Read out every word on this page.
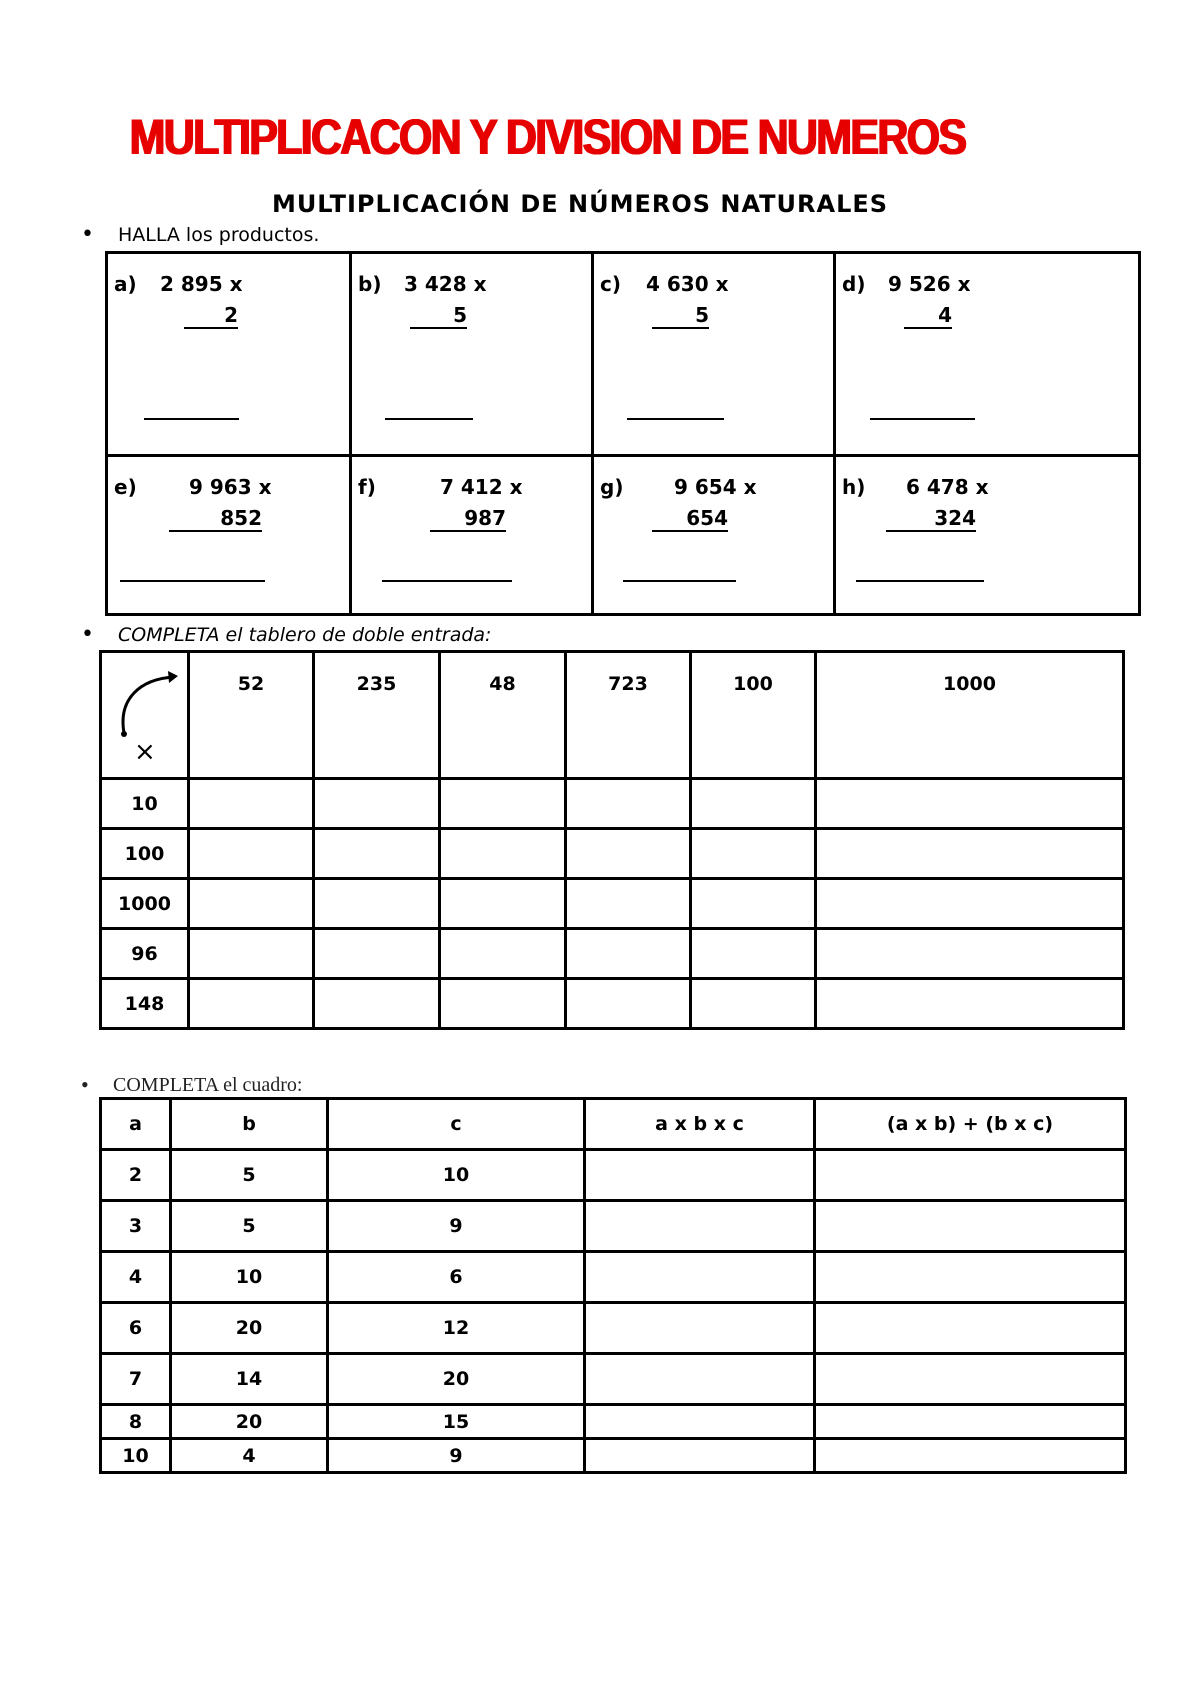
MULTIPLICACON Y DIVISION DE NUMEROS
MULTIPLICACIÓN DE NÚMEROS NATURALES
• HALLA los productos.
a) 2 895 x
2	b) 3 428 x
5	c) 4 630 x
5	d) 9 526 x
4

e) 9 963 x
852	f) 7 412 x
987	g) 9 654 x
654	h) 6 478 x
324
• COMPLETA el tablero de doble entrada:
×	52	235	48	723	100	1000

10						
100						
1000						
96						
148						
• COMPLETA el cuadro:
a	b	c	a x b x c	(a x b) + (b x c)
2	5	10		
3	5	9		
4	10	6		
6	20	12		
7	14	20		
8	20	15		
10	4	9		
